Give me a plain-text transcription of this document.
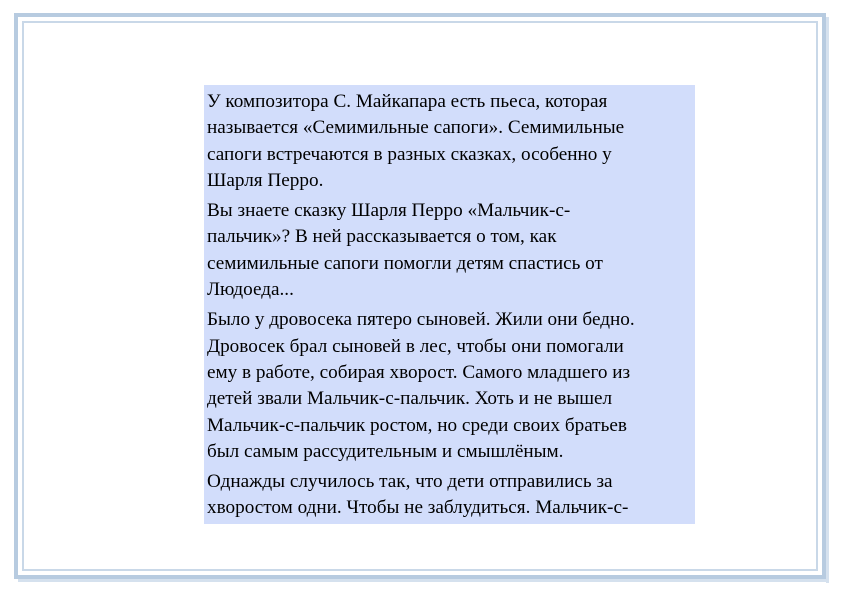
У композитора С. Майкапара есть пьеса, которая
называется «Семимильные сапоги». Семимильные
сапоги встречаются в разных сказках, особенно у
Шарля Перро.

Вы знаете сказку Шарля Перро «Мальчик-с-
пальчик»? В ней рассказывается о том, как
семимильные сапоги помогли детям спастись от
Людоеда...

Было у дровосека пятеро сыновей. Жили они бедно.
Дровосек брал сыновей в лес, чтобы они помогали
ему в работе, собирая хворост. Самого младшего из
детей звали Мальчик-с-пальчик. Хоть и не вышел
Мальчик-с-пальчик ростом, но среди своих братьев
был самым рассудительным и смышлёным.

Однажды случилось так, что дети отправились за
хворостом одни. Чтобы не заблудиться. Мальчик-с-
